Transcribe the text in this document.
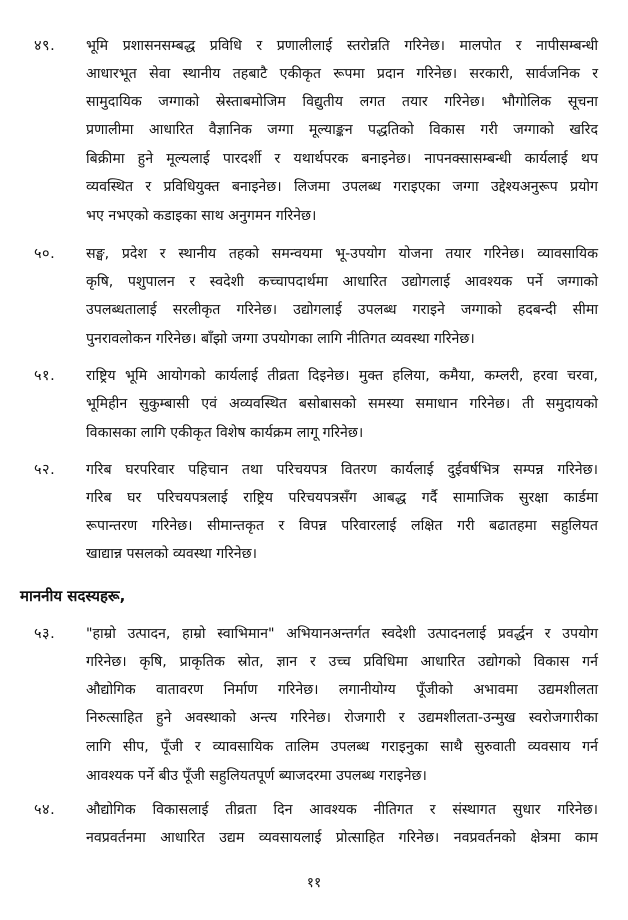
४९. भूमि प्रशासनसम्बद्ध प्रविधि र प्रणालीलाई स्तरोन्नति गरिनेछ। मालपोत र नापीसम्बन्धी
आधारभूत सेवा स्थानीय तहबाटै एकीकृत रूपमा प्रदान गरिनेछ। सरकारी, सार्वजनिक र
सामुदायिक जग्गाको स्रेस्ताबमोजिम विद्युतीय लगत तयार गरिनेछ। भौगोलिक सूचना
प्रणालीमा आधारित वैज्ञानिक जग्गा मूल्याङ्कन पद्धतिको विकास गरी जग्गाको खरिद
बिक्रीमा हुने मूल्यलाई पारदर्शी र यथार्थपरक बनाइनेछ। नापनक्सासम्बन्धी कार्यलाई थप
व्यवस्थित र प्रविधियुक्त बनाइनेछ। लिजमा उपलब्ध गराइएका जग्गा उद्देश्यअनुरूप प्रयोग
भए नभएको कडाइका साथ अनुगमन गरिनेछ।
५०. सङ्घ, प्रदेश र स्थानीय तहको समन्वयमा भू-उपयोग योजना तयार गरिनेछ। व्यावसायिक
कृषि, पशुपालन र स्वदेशी कच्चापदार्थमा आधारित उद्योगलाई आवश्यक पर्ने जग्गाको
उपलब्धतालाई सरलीकृत गरिनेछ। उद्योगलाई उपलब्ध गराइने जग्गाको हदबन्दी सीमा
पुनरावलोकन गरिनेछ। बाँझो जग्गा उपयोगका लागि नीतिगत व्यवस्था गरिनेछ।
५१. राष्ट्रिय भूमि आयोगको कार्यलाई तीव्रता दिइनेछ। मुक्त हलिया, कमैया, कम्लरी, हरवा चरवा,
भूमिहीन सुकुम्बासी एवं अव्यवस्थित बसोबासको समस्या समाधान गरिनेछ। ती समुदायको
विकासका लागि एकीकृत विशेष कार्यक्रम लागू गरिनेछ।
५२. गरिब घरपरिवार पहिचान तथा परिचयपत्र वितरण कार्यलाई दुईवर्षभित्र सम्पन्न गरिनेछ।
गरिब घर परिचयपत्रलाई राष्ट्रिय परिचयपत्रसँग आबद्ध गर्दै सामाजिक सुरक्षा कार्डमा
रूपान्तरण गरिनेछ। सीमान्तकृत र विपन्न परिवारलाई लक्षित गरी बढातहमा सहुलियत
खाद्यान्न पसलको व्यवस्था गरिनेछ।
माननीय सदस्यहरू,
५३. "हाम्रो उत्पादन, हाम्रो स्वाभिमान" अभियानअन्तर्गत स्वदेशी उत्पादनलाई प्रवर्द्धन र उपयोग
गरिनेछ। कृषि, प्राकृतिक स्रोत, ज्ञान र उच्च प्रविधिमा आधारित उद्योगको विकास गर्न
औद्योगिक वातावरण निर्माण गरिनेछ। लगानीयोग्य पूँजीको अभावमा उद्यमशीलता
निरुत्साहित हुने अवस्थाको अन्त्य गरिनेछ। रोजगारी र उद्यमशीलता-उन्मुख स्वरोजगारीका
लागि सीप, पूँजी र व्यावसायिक तालिम उपलब्ध गराइनुका साथै सुरुवाती व्यवसाय गर्न
आवश्यक पर्ने बीउ पूँजी सहुलियतपूर्ण ब्याजदरमा उपलब्ध गराइनेछ।
५४. औद्योगिक विकासलाई तीव्रता दिन आवश्यक नीतिगत र संस्थागत सुधार गरिनेछ।
नवप्रवर्तनमा आधारित उद्यम व्यवसायलाई प्रोत्साहित गरिनेछ। नवप्रवर्तनको क्षेत्रमा काम
११
